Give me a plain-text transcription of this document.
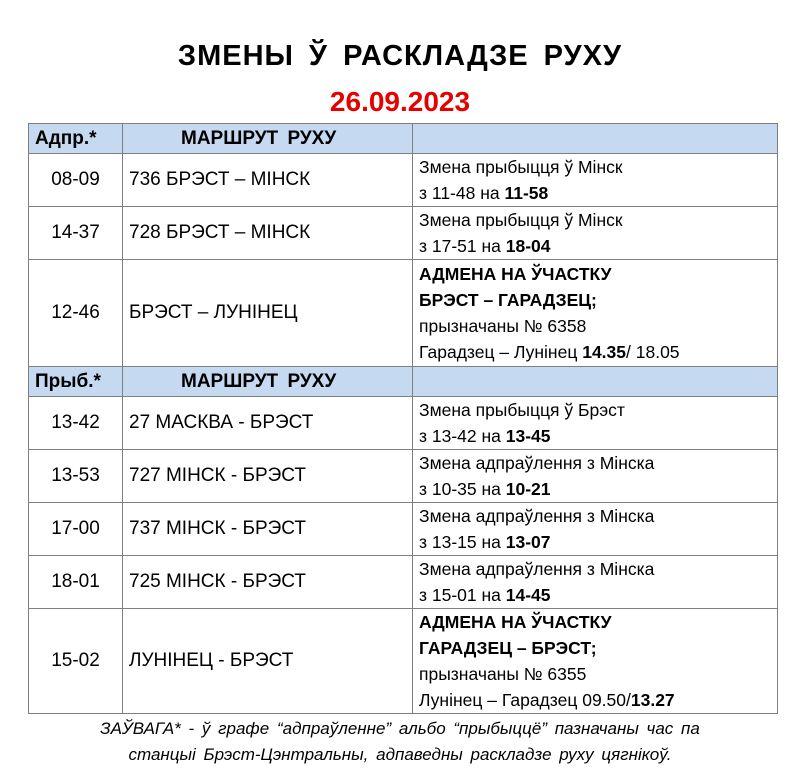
ЗМЕНЫ Ў РАСКЛАДЗЕ РУХУ
26.09.2023
Адпр.*	МАРШРУТ РУХУ	
08-09	736 БРЭСТ – МІНСК	Змена прыбыцця ў Мінск
з 11-48 на 11-58

14-37	728 БРЭСТ – МІНСК	Змена прыбыцця ў Мінск
з 17-51 на 18-04

12-46	БРЭСТ – ЛУНІНЕЦ	АДМЕНА НА ЎЧАСТКУ
БРЭСТ – ГАРАДЗЕЦ;
прызначаны № 6358
Гарадзец – Лунінец 14.35/ 18.05

Прыб.*	МАРШРУТ РУХУ	
13-42	27 МАСКВА - БРЭСТ	Змена прыбыцця ў Брэст
з 13-42 на 13-45

13-53	727 МІНСК - БРЭСТ	Змена адпраўлення з Мінска
з 10-35 на 10-21

17-00	737 МІНСК - БРЭСТ	Змена адпраўлення з Мінска
з 13-15 на 13-07

18-01	725 МІНСК - БРЭСТ	Змена адпраўлення з Мінска
з 15-01 на 14-45

15-02	ЛУНІНЕЦ - БРЭСТ	АДМЕНА НА ЎЧАСТКУ
ГАРАДЗЕЦ – БРЭСТ;
прызначаны № 6355
Лунінец – Гарадзец 09.50/13.27
ЗАЎВАГА* - ў графе “адпраўленне” альбо “прыбыццё” пазначаны час па
станцыі Брэст-Цэнтральны, адпаведны раскладзе руху цягнікоў.
